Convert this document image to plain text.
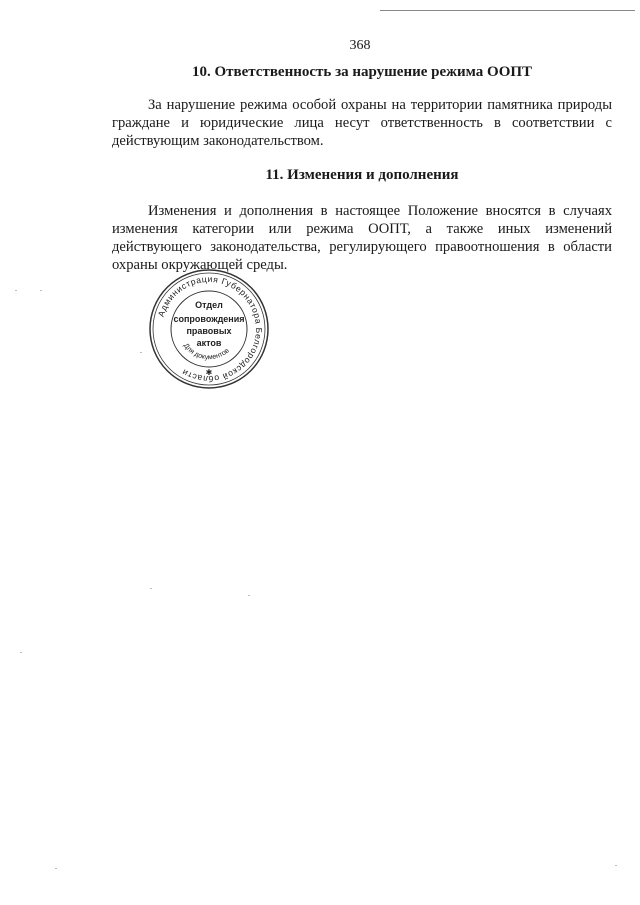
368
10. Ответственность за нарушение режима ООПТ
За нарушение режима особой охраны на территории памятника природы граждане и юридические лица несут ответственность в соответствии с действующим законодательством.
11. Изменения и дополнения
Изменения и дополнения в настоящее Положение вносятся в случаях изменения категории или режима ООПТ, а также иных изменений действующего законодательства, регулирующего правоотношения в области охраны окружающей среды.
Администрация Губернатора Белгородской области
Отдел
сопровождения
правовых
актов
Для документов
✱
